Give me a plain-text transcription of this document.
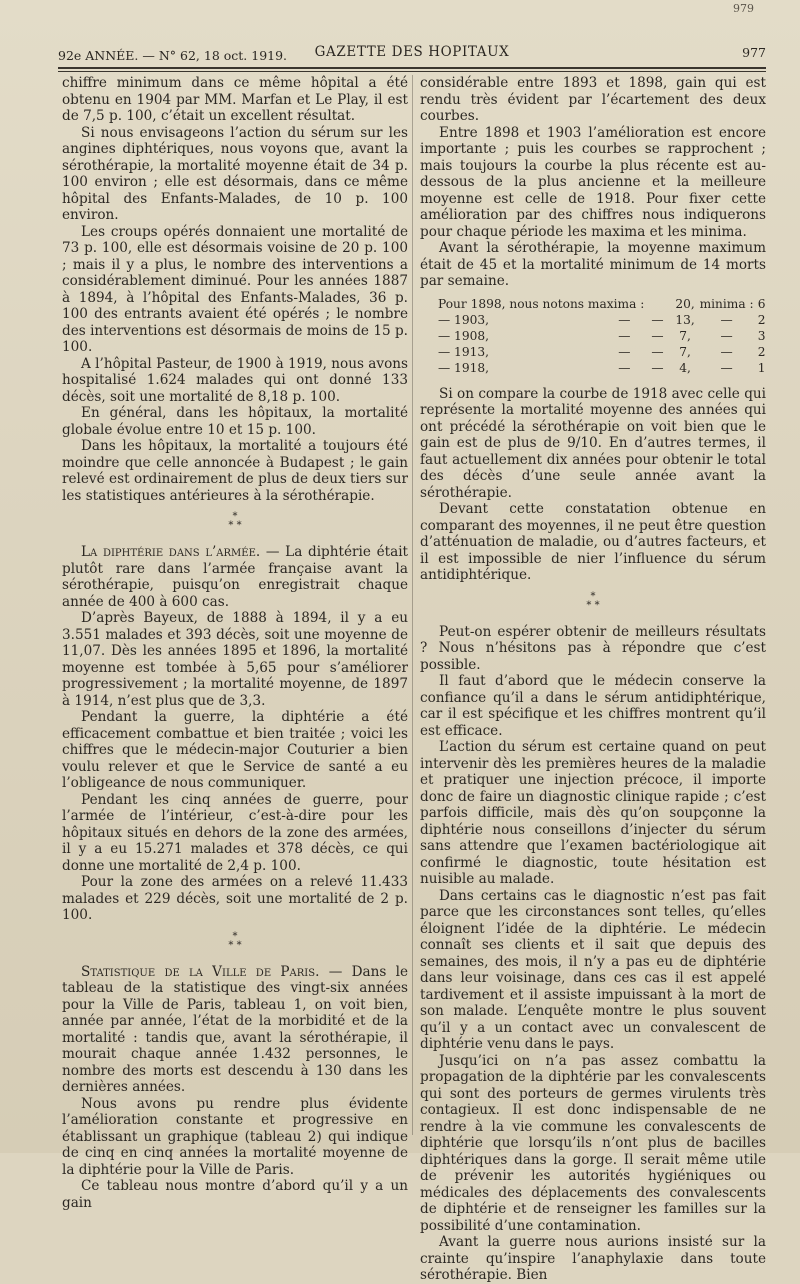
979
92e ANNÉE. — N° 62, 18 oct. 1919.	GAZETTE DES HOPITAUX	977

chiffre minimum dans ce même hôpital a été obtenu en 1904 par MM. Marfan et Le Play, il est de 7,5 p. 100, c’était un excellent résultat.

Si nous envisageons l’action du sérum sur les angines diphtériques, nous voyons que, avant la sérothérapie, la mortalité moyenne était de 34 p. 100 environ ; elle est désormais, dans ce même hôpital des Enfants-Malades, de 10 p. 100 environ.

Les croups opérés donnaient une mortalité de 73 p. 100, elle est désormais voisine de 20 p. 100 ; mais il y a plus, le nombre des interventions a considérablement diminué. Pour les années 1887 à 1894, à l’hôpital des Enfants-Malades, 36 p. 100 des entrants avaient été opérés ; le nombre des interventions est désormais de moins de 15 p. 100.

A l’hôpital Pasteur, de 1900 à 1919, nous avons hospitalisé 1.624 malades qui ont donné 133 décès, soit une mortalité de 8,18 p. 100.

En général, dans les hôpitaux, la mortalité globale évolue entre 10 et 15 p. 100.

Dans les hôpitaux, la mortalité a toujours été moindre que celle annoncée à Budapest ; le gain relevé est ordinairement de plus de deux tiers sur les statistiques antérieures à la sérothérapie.

*
* *

La diphtérie dans l’armée. — La diphtérie était plutôt rare dans l’armée française avant la sérothérapie, puisqu’on enregistrait chaque année de 400 à 600 cas.

D’après Bayeux, de 1888 à 1894, il y a eu 3.551 malades et 393 décès, soit une moyenne de 11,07. Dès les années 1895 et 1896, la mortalité moyenne est tombée à 5,65 pour s’améliorer progressivement ; la mortalité moyenne, de 1897 à 1914, n’est plus que de 3,3.

Pendant la guerre, la diphtérie a été efficacement combattue et bien traitée ; voici les chiffres que le médecin-major Couturier a bien voulu relever et que le Service de santé a eu l’obligeance de nous communiquer.

Pendant les cinq années de guerre, pour l’armée de l’intérieur, c’est-à-dire pour les hôpitaux situés en dehors de la zone des armées, il y a eu 15.271 malades et 378 décès, ce qui donne une mortalité de 2,4 p. 100.

Pour la zone des armées on a relevé 11.433 malades et 229 décès, soit une mortalité de 2 p. 100.

*
* *

Statistique de la Ville de Paris. — Dans le tableau de la statistique des vingt-six années pour la Ville de Paris, tableau 1, on voit bien, année par année, l’état de la morbidité et de la mortalité : tandis que, avant la sérothérapie, il mourait chaque année 1.432 personnes, le nombre des morts est descendu à 130 dans les dernières années.

Nous avons pu rendre plus évidente l’amélioration constante et progressive en établissant un graphique (tableau 2) qui indique de cinq en cinq années la mortalité moyenne de la diphtérie pour la Ville de Paris.

Ce tableau nous montre d’abord qu’il y a un gain

considérable entre 1893 et 1898, gain qui est rendu très évident par l’écartement des deux courbes.

Entre 1898 et 1903 l’amélioration est encore importante ; puis les courbes se rapprochent ; mais toujours la courbe la plus récente est au-dessous de la plus ancienne et la meilleure moyenne est celle de 1918. Pour fixer cette amélioration par des chiffres nous indiquerons pour chaque période les maxima et les minima.

Avant la sérothérapie, la moyenne maximum était de 45 et la mortalité minimum de 14 morts par semaine.

Pour 1898, nous notons maxima :			20,	minima :	6
— 1903,	—	—	13,	—	2
— 1908,	—	—	7,	—	3
— 1913,	—	—	7,	—	2
— 1918,	—	—	4,	—	1

Si on compare la courbe de 1918 avec celle qui représente la mortalité moyenne des années qui ont précédé la sérothérapie on voit bien que le gain est de plus de 9/10. En d’autres termes, il faut actuellement dix années pour obtenir le total des décès d’une seule année avant la sérothérapie.

Devant cette constatation obtenue en comparant des moyennes, il ne peut être question d’atténuation de maladie, ou d’autres facteurs, et il est impossible de nier l’influence du sérum antidiphtérique.

*
* *

Peut-on espérer obtenir de meilleurs résultats ? Nous n’hésitons pas à répondre que c’est possible.

Il faut d’abord que le médecin conserve la confiance qu’il a dans le sérum antidiphtérique, car il est spécifique et les chiffres montrent qu’il est efficace.

L’action du sérum est certaine quand on peut intervenir dès les premières heures de la maladie et pratiquer une injection précoce, il importe donc de faire un diagnostic clinique rapide ; c’est parfois difficile, mais dès qu’on soupçonne la diphtérie nous conseillons d’injecter du sérum sans attendre que l’examen bactériologique ait confirmé le diagnostic, toute hésitation est nuisible au malade.

Dans certains cas le diagnostic n’est pas fait parce que les circonstances sont telles, qu’elles éloignent l’idée de la diphtérie. Le médecin connaît ses clients et il sait que depuis des semaines, des mois, il n’y a pas eu de diphtérie dans leur voisinage, dans ces cas il est appelé tardivement et il assiste impuissant à la mort de son malade. L’enquête montre le plus souvent qu’il y a un contact avec un convalescent de diphtérie venu dans le pays.

Jusqu’ici on n’a pas assez combattu la propagation de la diphtérie par les convalescents qui sont des porteurs de germes virulents très contagieux. Il est donc indispensable de ne rendre à la vie commune les convalescents de diphtérie que lorsqu’ils n’ont plus de bacilles diphtériques dans la gorge. Il serait même utile de prévenir les autorités hygiéniques ou médicales des déplacements des convalescents de diphtérie et de renseigner les familles sur la possibilité d’une contamination.

Avant la guerre nous aurions insisté sur la crainte qu’inspire l’anaphylaxie dans toute sérothérapie. Bien
